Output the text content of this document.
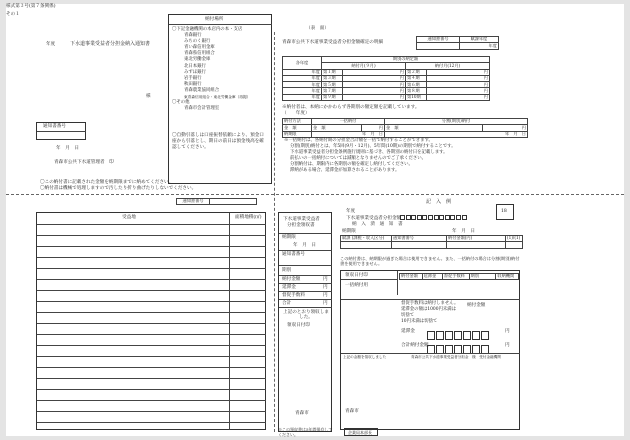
様式第３号(第７条関係)
その１
（表　面）
年度	下水道事業受益者分担金納入通知書
様
通知書番号
年　月　日
青森市公共下水道管理者　印
納付場所
〇下記金融機関の本店内の本・支店
青森銀行
みちのく銀行
青い森信用金庫
青森県信用組合
東北労働金庫
北日本銀行
みずほ銀行
岩手銀行
秋田銀行
青森農業協同組合
東青森信用組合・東北労働金庫（再掲）
〇その他
青森市会計管理室
〇自動引落しは口座振替依頼により、預金口座から引落とし、期日の前日は預金残高を確認してください。
〇この納付書に記載された金額を納期限までに納めてください。
〇納付書は機械で処理しますので汚したり折り曲げたりしないでください。
青森市公共下水道事業受益者分担金額確定の明細
通知書番号	賦課年度
	年度
各年度	期別の納定額			
	納付月(９月)		納付月(12月)	
年度	第１期	円	第２期	円
年度	第３期	円	第４期	円
年度	第５期	円	第６期	円
年度	第７期	円	第８期	円
年度	第９期	円	第10期	円
※納付者は、本納にかかわらず各期別の額定額を記載しています。
（　　年度）
納付方法	一括納付		分割(期別)納付	
金　額	金　額	円	金　額	円
納期限	年　月　日		年　月　日	
※一括納付は、各納付期の分担金合計額を一括で納付することができます。
分割(期別)納付とは、年5回(9月・12月)、5年間(10期)の期別で納付することです。
下水道事業受益者分担金条例施行規則に基づき、各期別の納付日を記載します。
前払いの一括納付については減額となりませんのでご了承ください。
分割納付は、期限内に各期別の額を確定し納付してください。
滞納がある場合、延滞金が加算されることがあります。
通知書番号	
受益地	面積地積(㎡)	下水道事業受益者
分担金領収書
納期限
年　月　日
通知書番号
期別
納付金額	円
延滞金	円
督促手数料	円
合計	円
上記のとおり領収しました。
領収日付印
青森市
※この領収書は5年間保存してください。
記　入　例
18
年度
下水道事業受益者分担金額
納　入　済　通　知　書
納期限	年　月　日
賦課 (課税・収入区分)	通知書番号	納付金額(円)	(1)/(1)

この納付書は、納期限が過ぎた場合は使用できません。また、一括納付の場合は分割(期別)納付書を使用できません。
領収日付印
一括納付用
納付金額	延滞金	督促手数料	期別	収納機関
督促手数料は納付しません。
延滞金の額は1000円未満は
切捨て
10円未満は切捨て
納付金額
延滞金	円
合計納付金額	円
青森市
上記の金額を領収しました	青森市公共下水道事業受益者分担金　様　受付金融機関
企業局本部長
